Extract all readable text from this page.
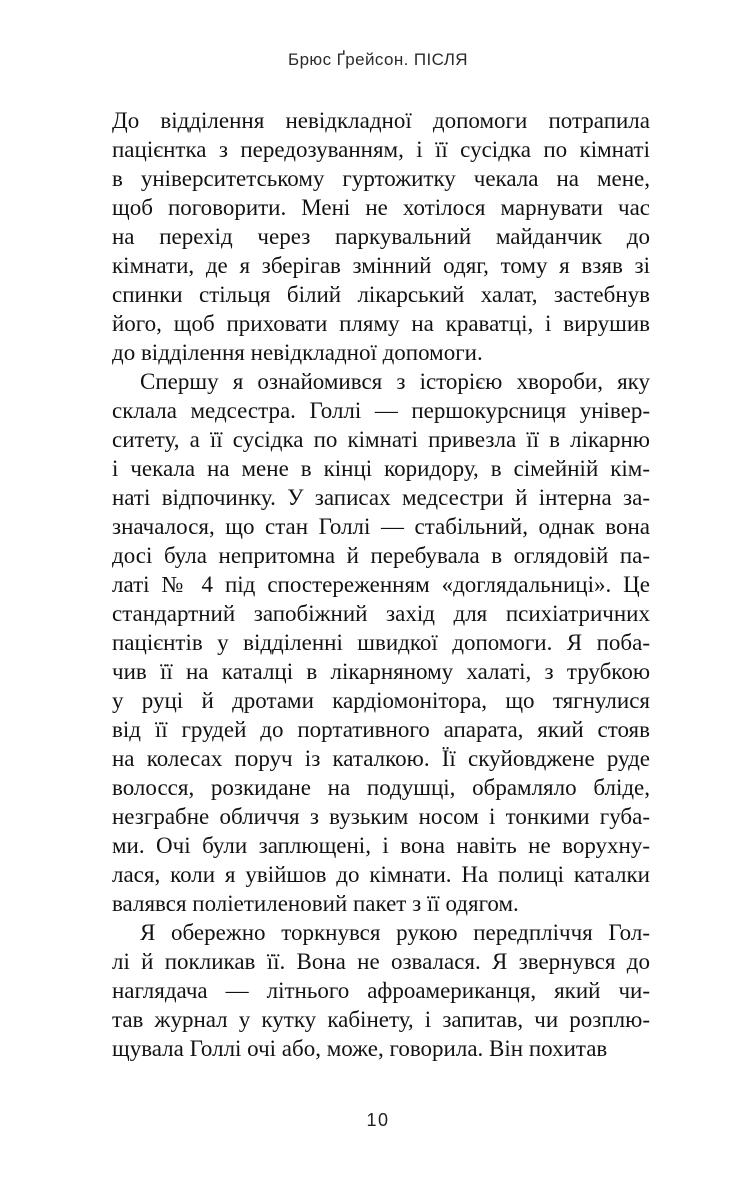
Брюс Ґрейсон. ПІСЛЯ
До відділення невідкладної допомоги потрапила
пацієнтка з передозуванням, і її сусідка по кімнаті
в університетському гуртожитку чекала на мене,
щоб поговорити. Мені не хотілося марнувати час
на перехід через паркувальний майданчик до
кімнати, де я зберігав змінний одяг, тому я взяв зі
спинки стільця білий лікарський халат, застебнув
його, щоб приховати пляму на краватці, і вирушив
до відділення невідкладної допомоги.
Спершу я ознайомився з історією хвороби, яку
склала медсестра. Голлі — першокурсниця універ-
ситету, а її сусідка по кімнаті привезла її в лікарню
і чекала на мене в кінці коридору, в сімейній кім-
наті відпочинку. У записах медсестри й інтерна за-
значалося, що стан Голлі — стабільний, однак вона
досі була непритомна й перебувала в оглядовій па-
латі № 4 під спостереженням «доглядальниці». Це
стандартний запобіжний захід для психіатричних
пацієнтів у відділенні швидкої допомоги. Я поба-
чив її на каталці в лікарняному халаті, з трубкою
у руці й дротами кардіомонітора, що тягнулися
від її грудей до портативного апарата, який стояв
на колесах поруч із каталкою. Її скуйовджене руде
волосся, розкидане на подушці, обрамляло бліде,
незграбне обличчя з вузьким носом і тонкими губа-
ми. Очі були заплющені, і вона навіть не ворухну-
лася, коли я увійшов до кімнати. На полиці каталки
валявся поліетиленовий пакет з її одягом.
Я обережно торкнувся рукою передпліччя Гол-
лі й покликав її. Вона не озвалася. Я звернувся до
наглядача — літнього афроамериканця, який чи-
тав журнал у кутку кабінету, і запитав, чи розплю-
щувала Голлі очі або, може, говорила. Він похитав
10
